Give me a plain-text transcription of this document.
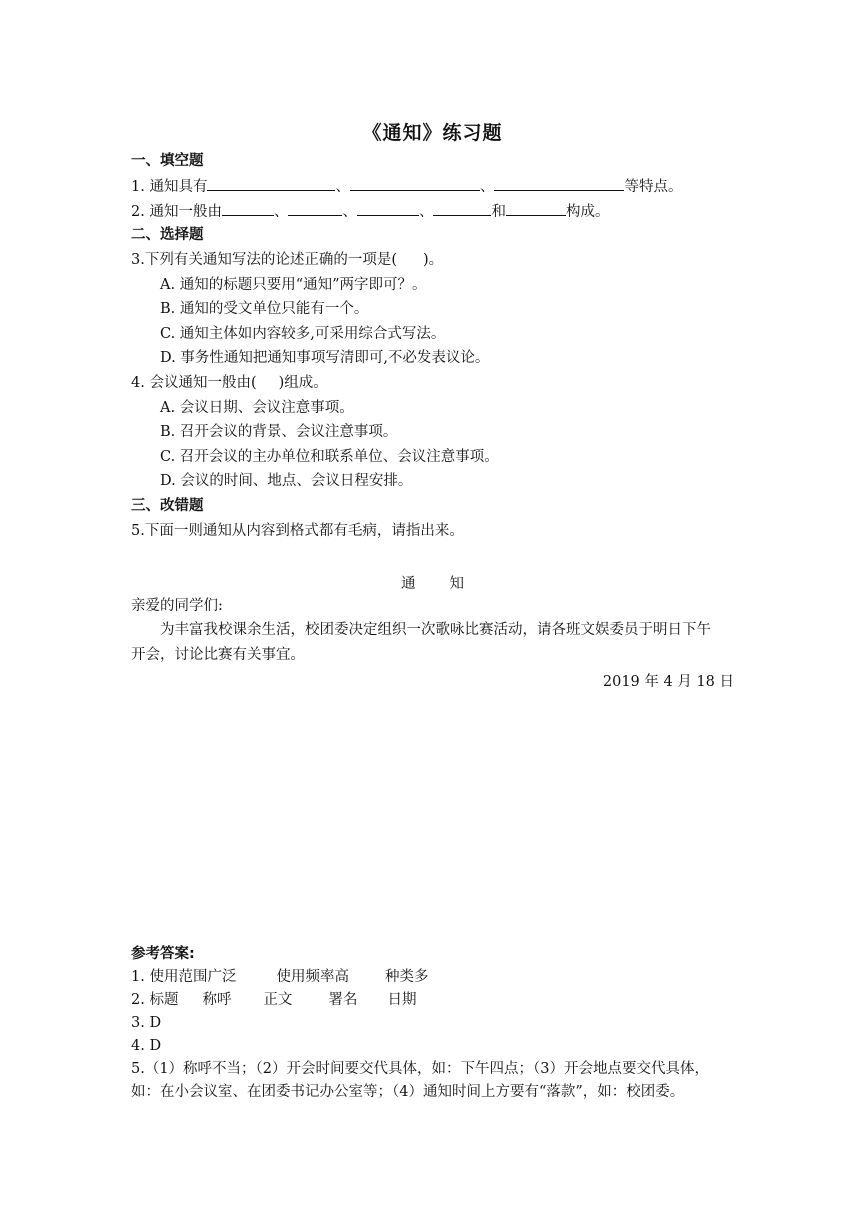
《通知》练习题
一、填空题
1. 通知具有	、	、	等特点。
2. 通知一般由	、	、	、	和	构成。
二、选择题
3.下列有关通知写法的论述正确的一项是( )。
A. 通知的标题只要用“通知”两字即可？。
B. 通知的受文单位只能有一个。
C. 通知主体如内容较多,可采用综合式写法。
D. 事务性通知把通知事项写清即可,不必发表议论。
4. 会议通知一般由( )组成。
A. 会议日期、会议注意事项。
B. 召开会议的背景、会议注意事项。
C. 召开会议的主办单位和联系单位、会议注意事项。
D. 会议的时间、地点、会议日程安排。
三、改错题
5.下面一则通知从内容到格式都有毛病，请指出来。
通 知
亲爱的同学们:
为丰富我校课余生活，校团委决定组织一次歌咏比赛活动，请各班文娱委员于明日下午
开会，讨论比赛有关事宜。
2019 年 4 月 18 日
参考答案:
1. 使用范围广泛	使用频率高 种类多
2. 标题 称呼 正文 署名 日期
3. D
4. D
5.（1）称呼不当；（2）开会时间要交代具体，如：下午四点；（3）开会地点要交代具体，
如：在小会议室、在团委书记办公室等；（4）通知时间上方要有“落款”，如：校团委。
